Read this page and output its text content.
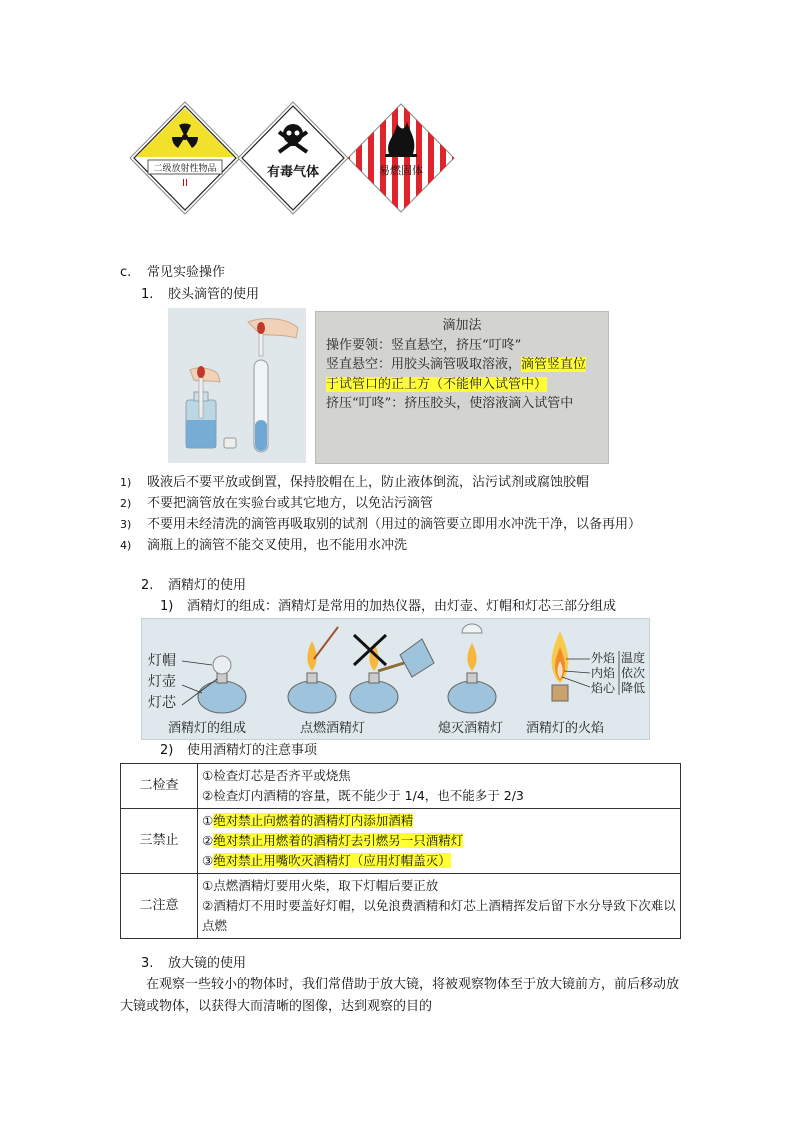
二级放射性物品
II
有毒气体	易燃固体
c. 常见实验操作
1. 胶头滴管的使用
滴加法
操作要领：竖直悬空，挤压“叮咚”
竖直悬空：用胶头滴管吸取溶液，滴管竖直位于试管口的正上方（不能伸入试管中）
挤压“叮咚”：挤压胶头，使溶液滴入试管中
1) 吸液后不要平放或倒置，保持胶帽在上，防止液体倒流，沾污试剂或腐蚀胶帽
2) 不要把滴管放在实验台或其它地方，以免沾污滴管
3) 不要用未经清洗的滴管再吸取别的试剂（用过的滴管要立即用水冲洗干净，以备再用）
4) 滴瓶上的滴管不能交叉使用，也不能用水冲洗
2. 酒精灯的使用
1) 酒精灯的组成：酒精灯是常用的加热仪器，由灯壶、灯帽和灯芯三部分组成
灯帽
灯壶
灯芯
酒精灯的组成	点燃酒精灯	熄灭酒精灯 酒精灯的火焰
外焰
内焰
焰心
温度
依次
降低
2) 使用酒精灯的注意事项
二检查	①检查灯芯是否齐平或烧焦
②检查灯内酒精的容量，既不能少于 1/4，也不能多于 2/3

三禁止	①绝对禁止向燃着的酒精灯内添加酒精
②绝对禁止用燃着的酒精灯去引燃另一只酒精灯
③绝对禁止用嘴吹灭酒精灯（应用灯帽盖灭）

二注意	①点燃酒精灯要用火柴，取下灯帽后要正放
②酒精灯不用时要盖好灯帽，以免浪费酒精和灯芯上酒精挥发后留下水分导致下次难以点燃
3. 放大镜的使用
在观察一些较小的物体时，我们常借助于放大镜，将被观察物体至于放大镜前方，前后移动放大镜或物体，以获得大而清晰的图像，达到观察的目的
